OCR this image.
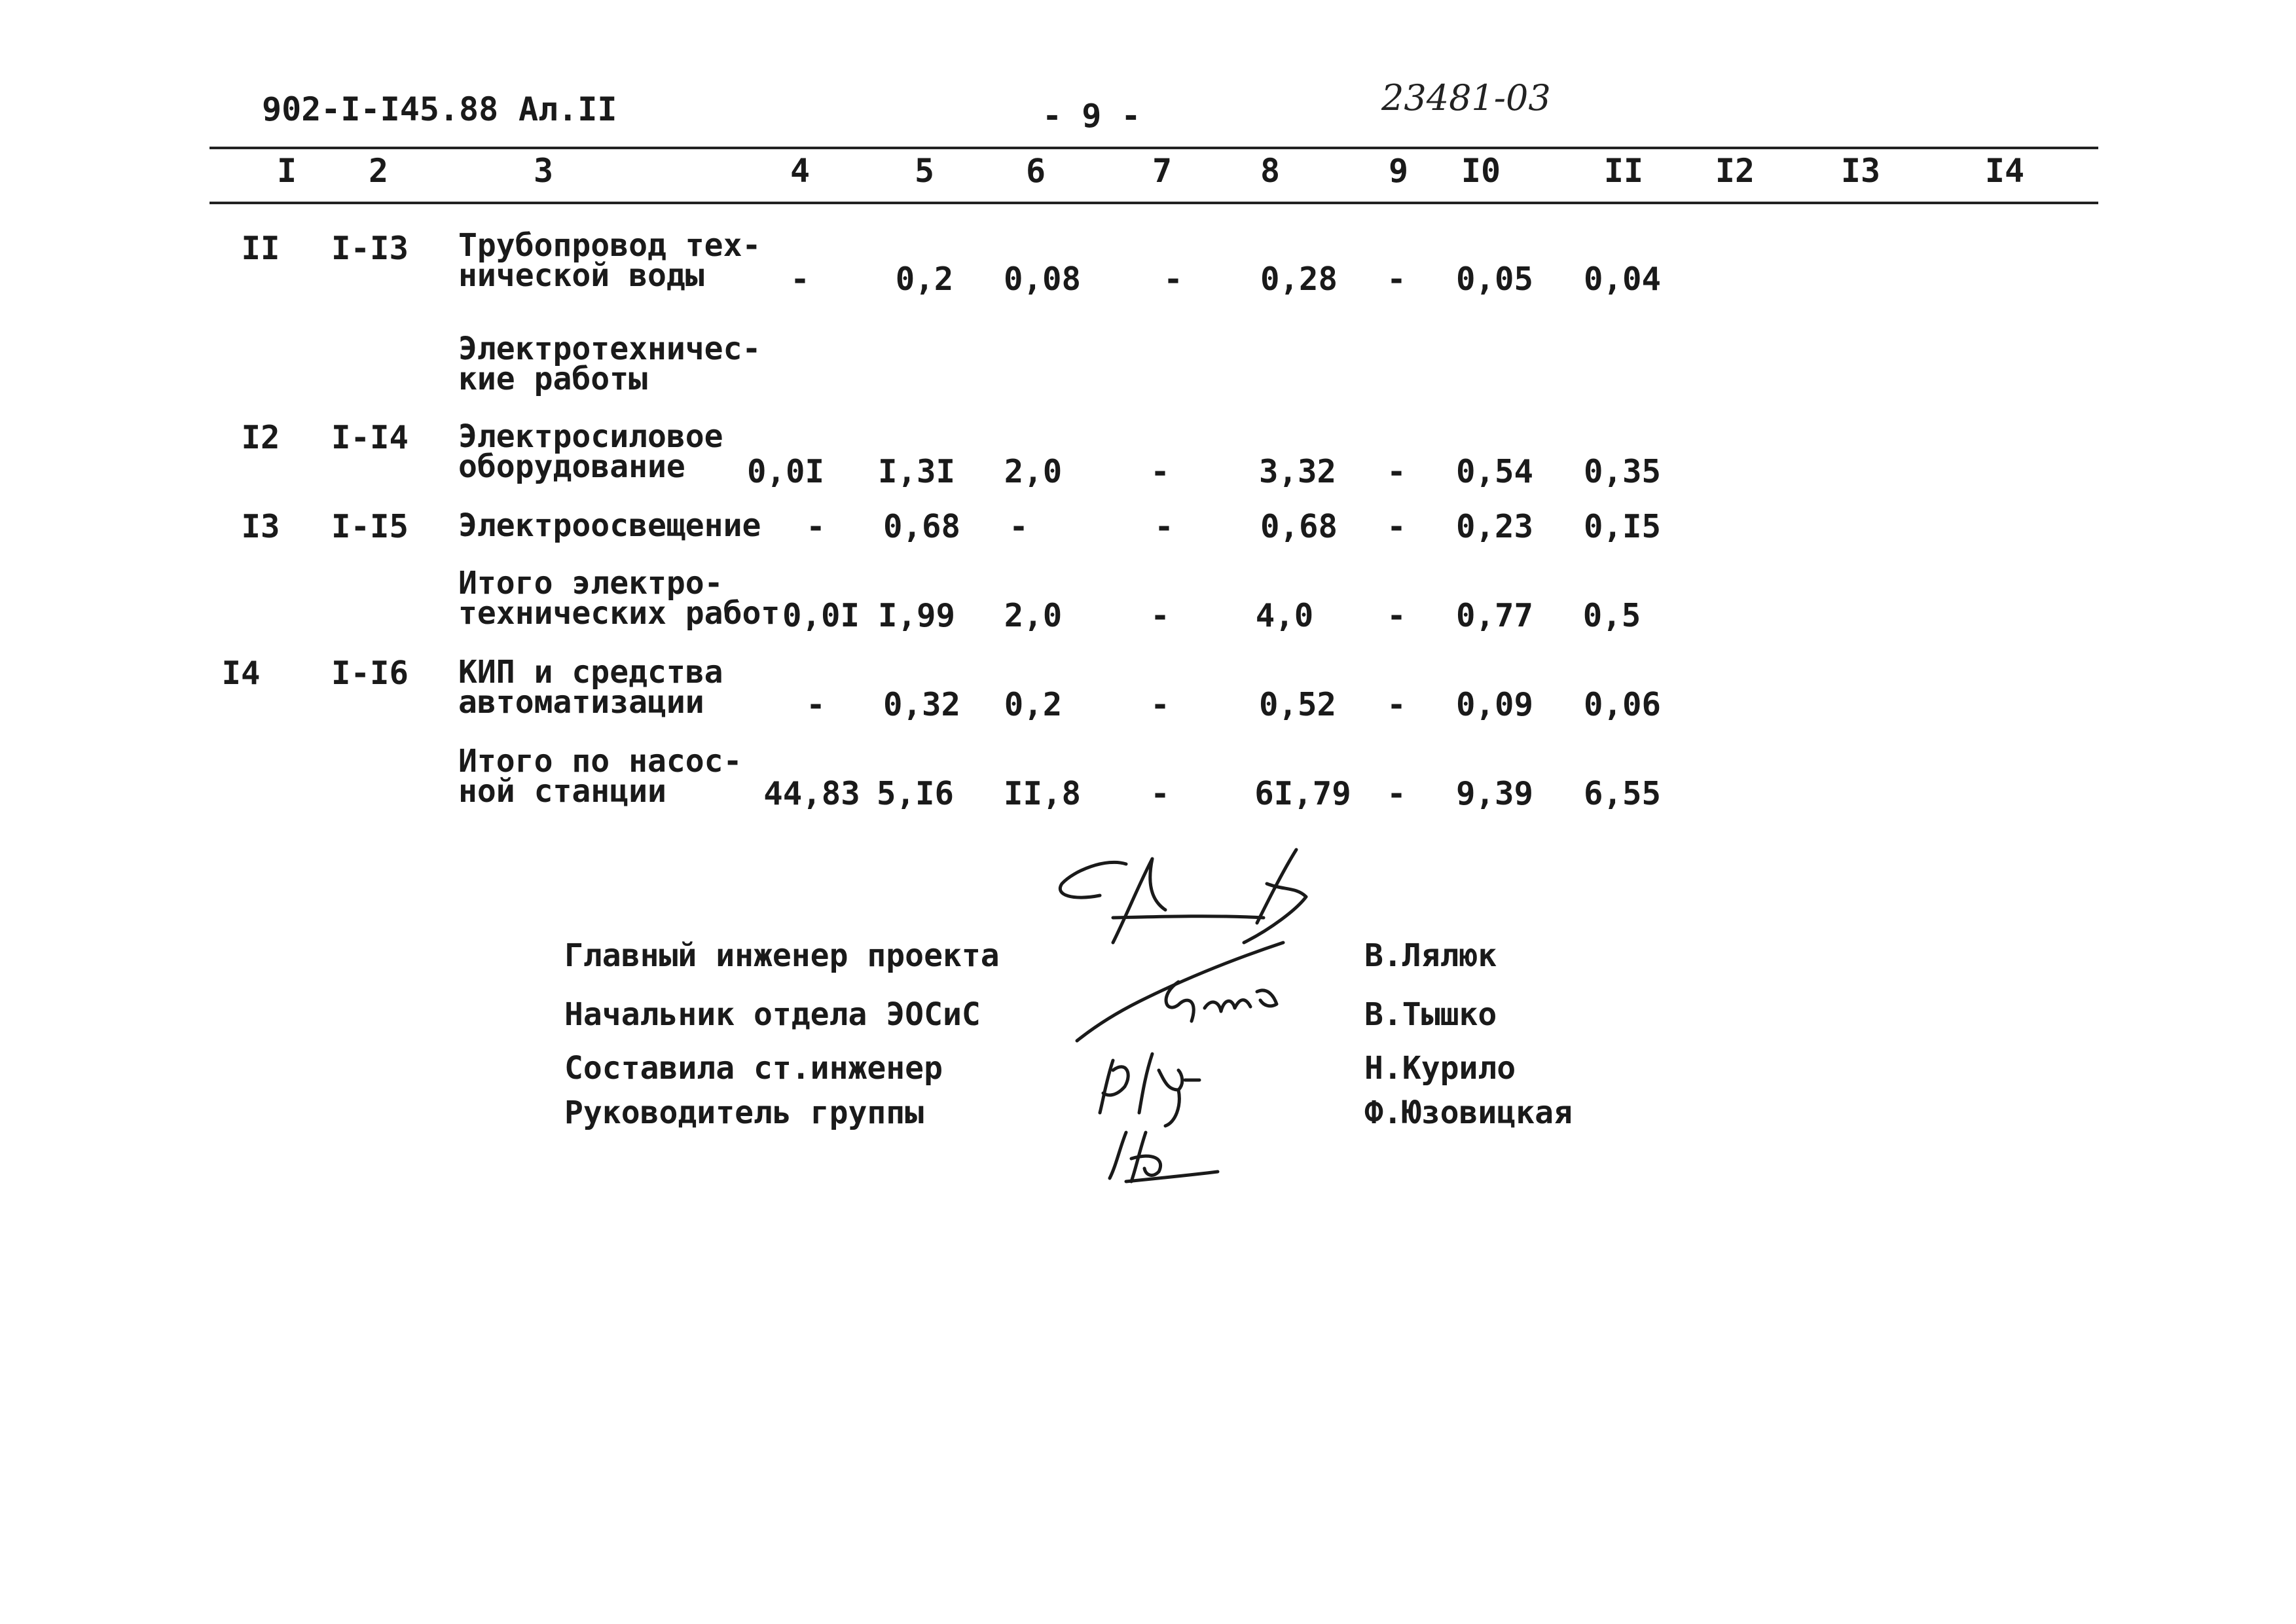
902-I-I45.88 Ал.II	- 9 -	23481-03
I 2	3	4	5	6	7	8	9 I0	II I2	I3	I4
II I-I3 Трубопровод тех-
нической воды	-	0,2 0,08	- 0,28 - 0,05 0,04
Электротехничес-
кие работы
I2 I-I4 Электросиловое
оборудование	0,0I I,3I 2,0	-	3,32 - 0,54 0,35
I3 I-I5 Электроосвещение - 0,68 -	-	0,68 - 0,23 0,I5
Итого электро-
технических работ 0,0I I,99 2,0	-	4,0 - 0,77 0,5
I4 I-I6 КИП и средства
автоматизации	- 0,32 0,2	-	0,52 - 0,09 0,06
Итого по насос-
ной станции	44,83 5,I6 II,8 -	6I,79 - 9,39 6,55
Главный инженер проекта	В.Лялюк
Начальник отдела ЭОСиС	В.Тышко
Составила ст.инженер	Н.Курило
Руководитель группы	Ф.Юзовицкая
